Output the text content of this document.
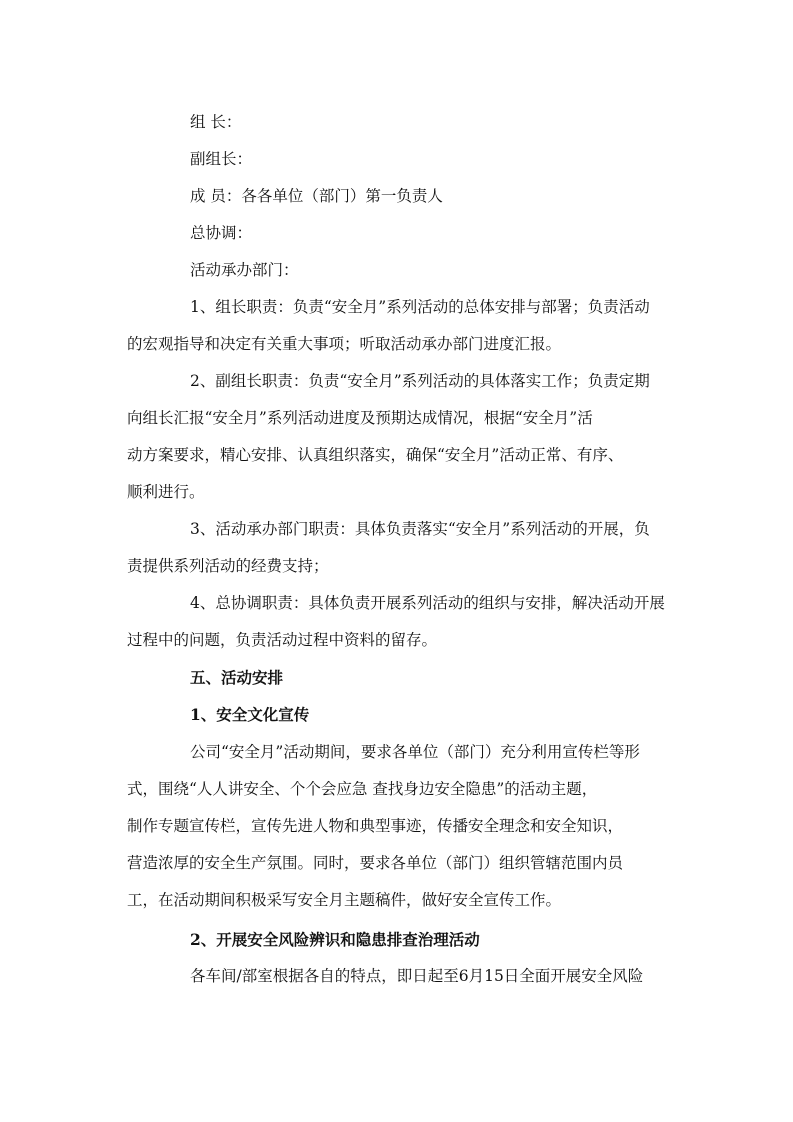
组 长：
副组长：
成 员：各各单位（部门）第一负责人
总协调：
活动承办部门：
1、组长职责：负责“安全月”系列活动的总体安排与部署；负责活动
的宏观指导和决定有关重大事项；听取活动承办部门进度汇报。
2、副组长职责：负责“安全月”系列活动的具体落实工作；负责定期
向组长汇报“安全月”系列活动进度及预期达成情况，根据“安全月”活
动方案要求，精心安排、认真组织落实，确保“安全月”活动正常、有序、
顺利进行。
3、活动承办部门职责：具体负责落实“安全月”系列活动的开展，负
责提供系列活动的经费支持；
4、总协调职责：具体负责开展系列活动的组织与安排，解决活动开展
过程中的问题，负责活动过程中资料的留存。
五、活动安排
1、安全文化宣传
公司“安全月”活动期间，要求各单位（部门）充分利用宣传栏等形
式，围绕“人人讲安全、个个会应急 查找身边安全隐患”的活动主题，
制作专题宣传栏，宣传先进人物和典型事迹，传播安全理念和安全知识，
营造浓厚的安全生产氛围。同时，要求各单位（部门）组织管辖范围内员
工，在活动期间积极采写安全月主题稿件，做好安全宣传工作。
2、开展安全风险辨识和隐患排查治理活动
各车间/部室根据各自的特点，即日起至6月15日全面开展安全风险
